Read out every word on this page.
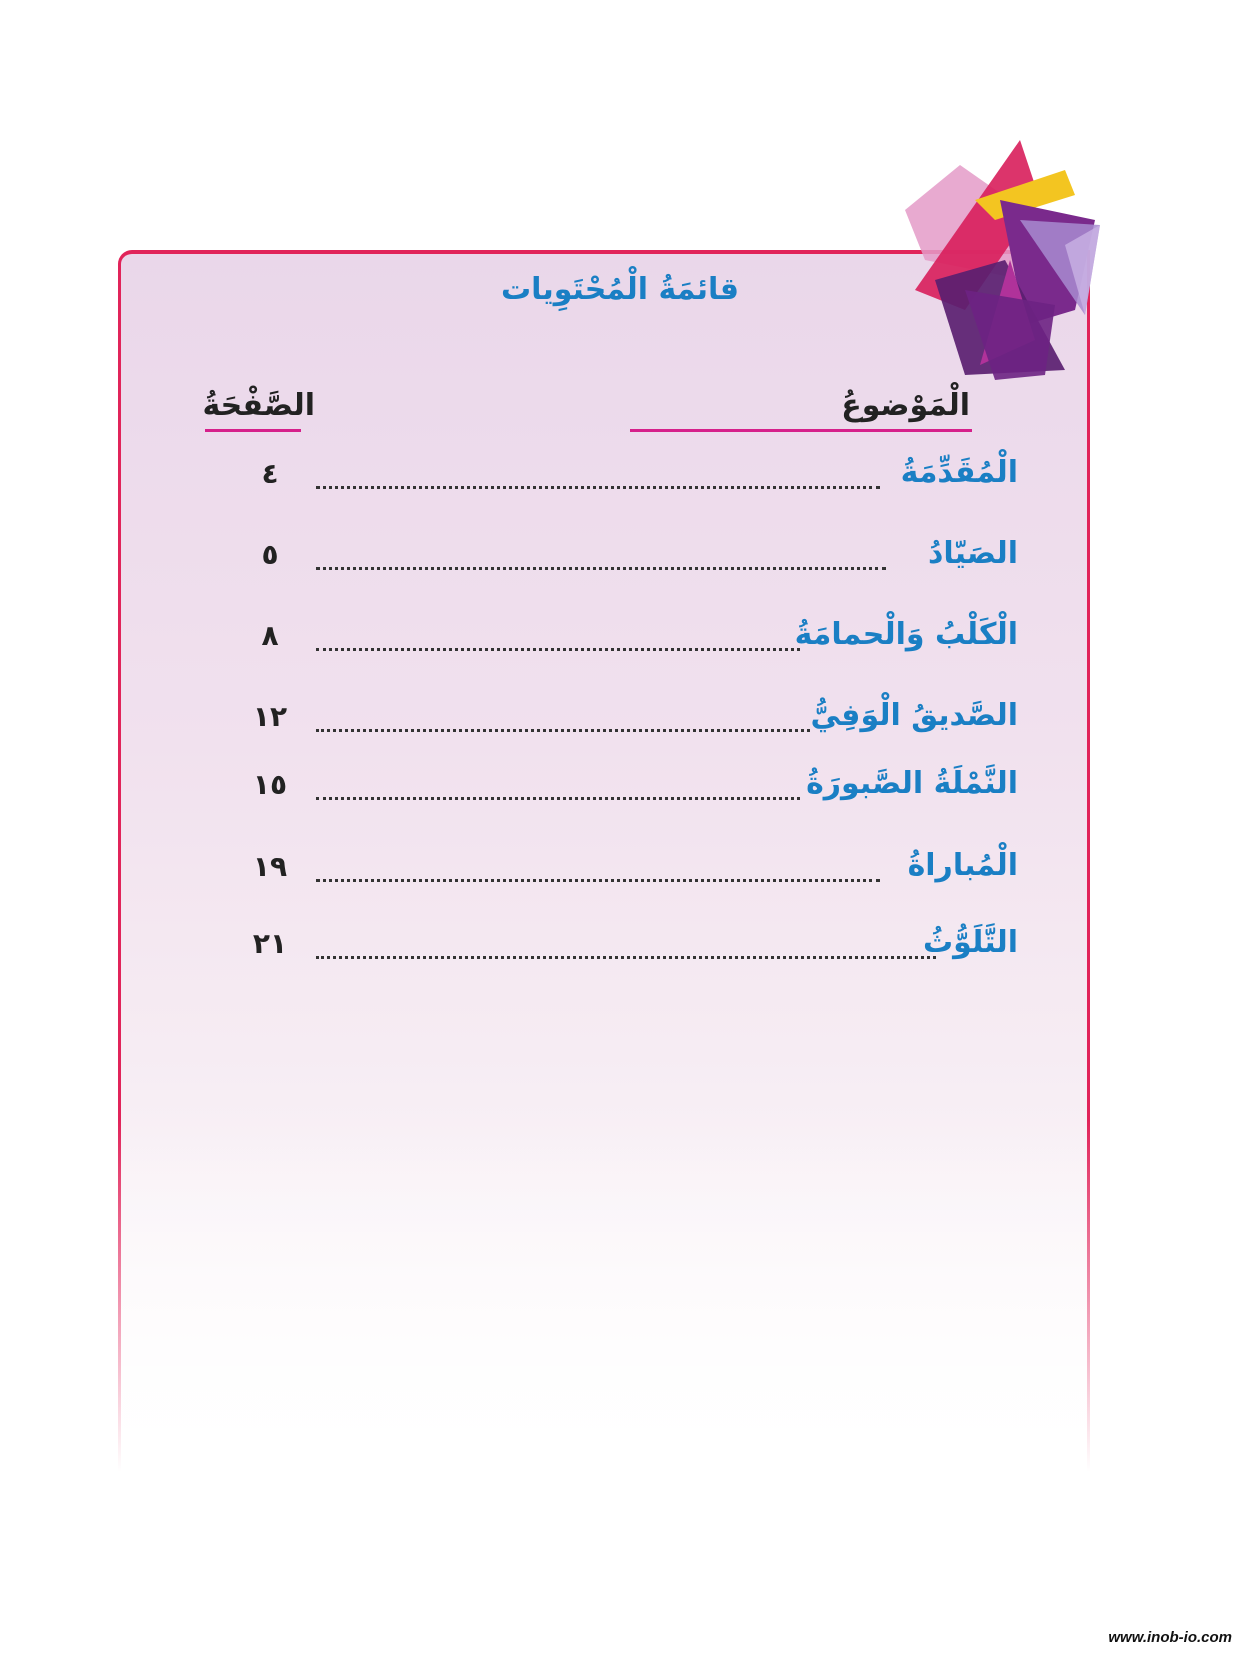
قائمَةُ الْمُحْتَوِيات
الْمَوْضوعُ
الصَّفْحَةُ
الْمُقَدِّمَةُ
٤
الصَيّادُ
٥
الْكَلْبُ وَالْحمامَةُ
٨
الصَّديقُ الْوَفِيُّ
١٢
النَّمْلَةُ الصَّبورَةُ
١٥
الْمُباراةُ
١٩
التَّلَوُّثُ
٢١
www.inob-io.com
